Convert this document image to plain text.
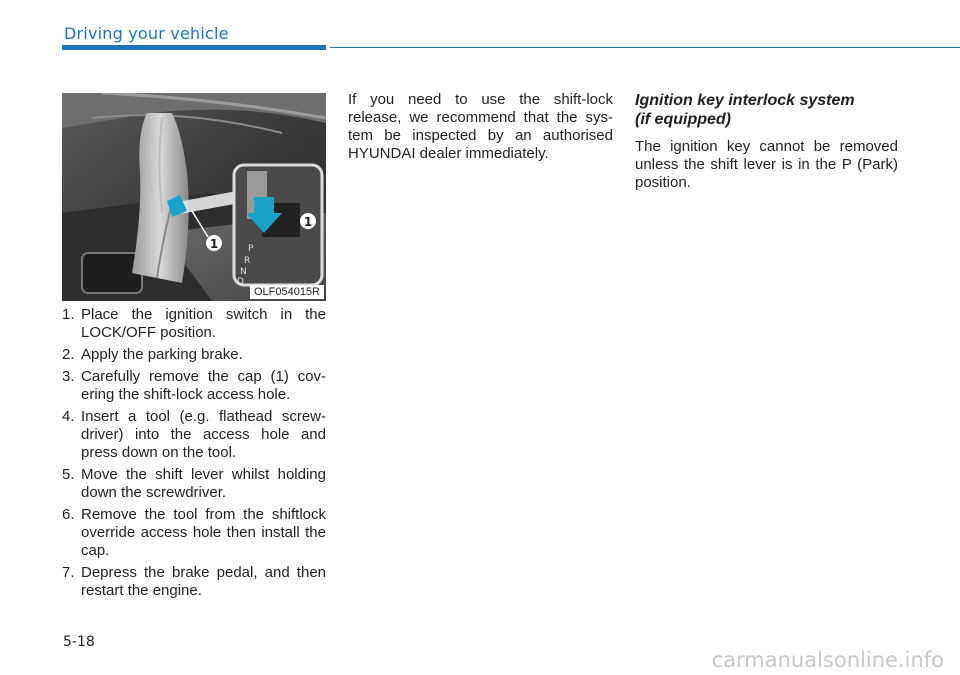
Driving your vehicle
1
1
P
R
N
D
OLF054015R
1. Place the ignition switch in the LOCK/OFF position.
2. Apply the parking brake.
3. Carefully remove the cap (1) cov-ering the shift-lock access hole.
4. Insert a tool (e.g. flathead screw-driver) into the access hole and press down on the tool.
5. Move the shift lever whilst holding down the screwdriver.
6. Remove the tool from the shiftlock override access hole then install the cap.
7. Depress the brake pedal, and then restart the engine.
If you need to use the shift-lock release, we recommend that the sys-tem be inspected by an authorised HYUNDAI dealer immediately.
Ignition key interlock system
(if equipped)
The ignition key cannot be removed unless the shift lever is in the P (Park) position.
5-18
carmanualsonline.info
